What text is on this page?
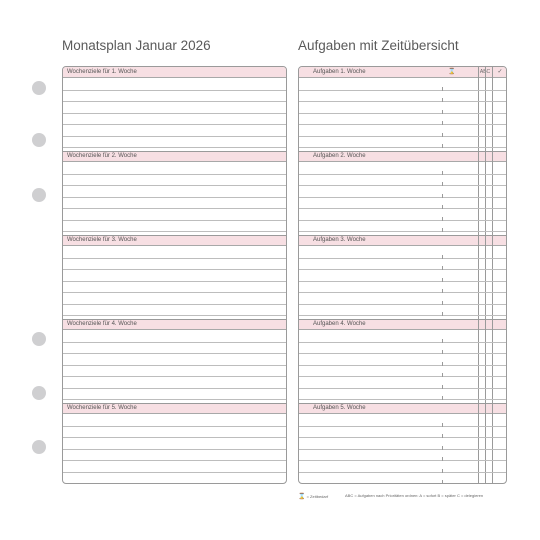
Monatsplan Januar 2026	Aufgaben mit Zeitübersicht
Wochenziele für 1. Woche
Wochenziele für 2. Woche
Wochenziele für 3. Woche
Wochenziele für 4. Woche
Wochenziele für 5. Woche
Aufgaben 1. Woche	⌛	ABC	✓
Aufgaben 2. Woche
Aufgaben 3. Woche
Aufgaben 4. Woche
Aufgaben 5. Woche
⌛ = Zeitbedarf	ABC = Aufgaben nach Prioritäten ordnen: A = sofort B = später C = delegieren
